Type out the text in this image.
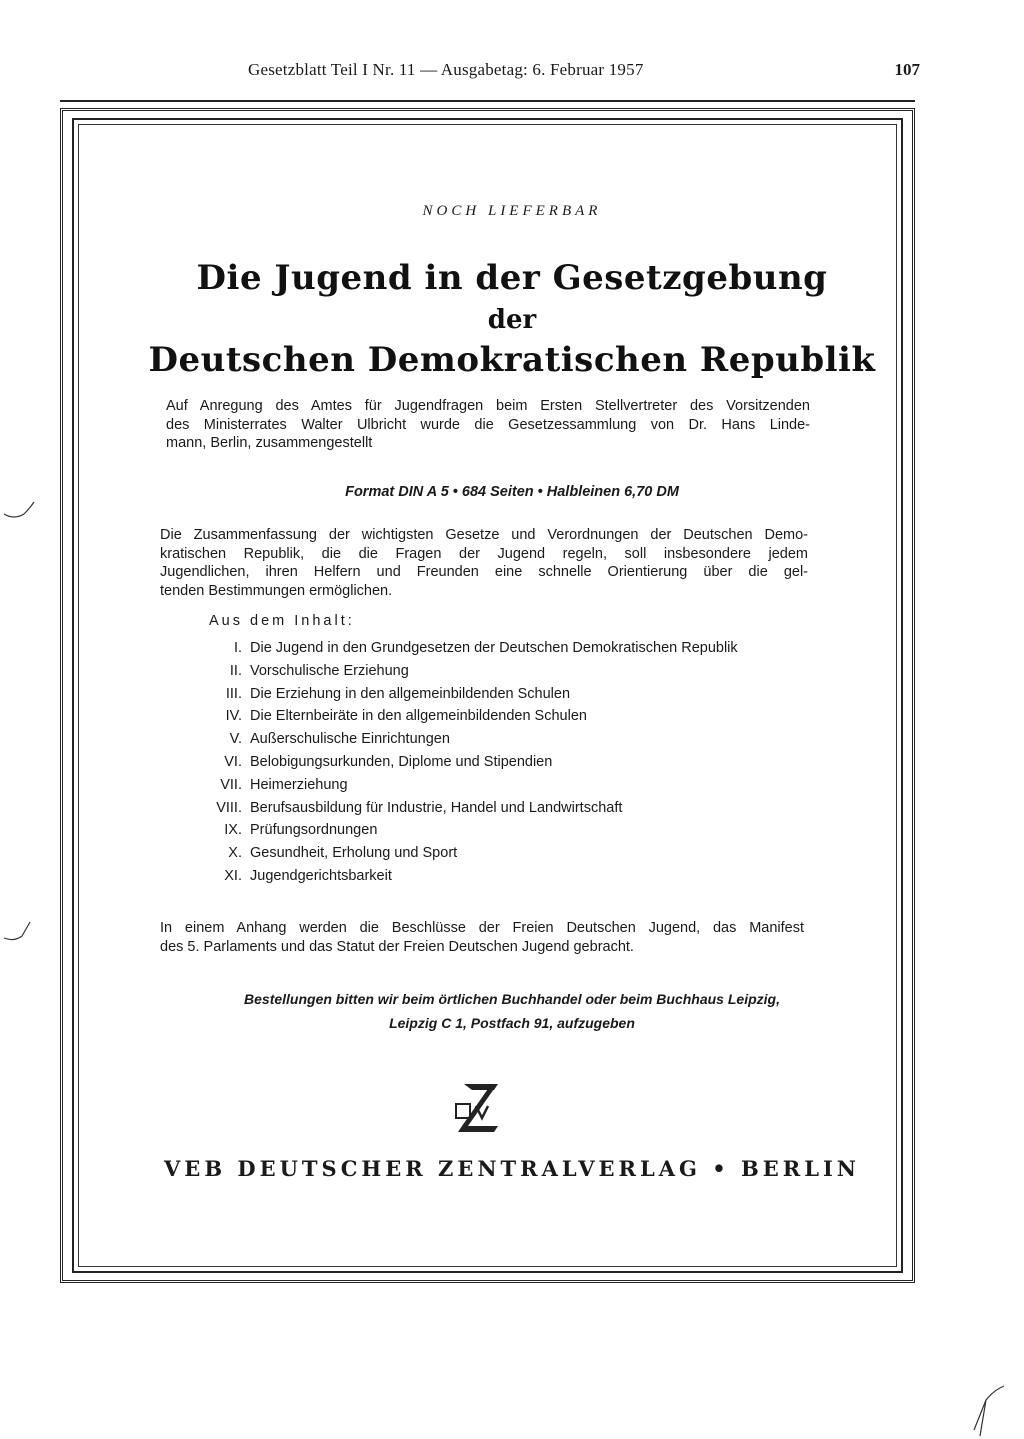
Gesetzblatt Teil I Nr. 11 — Ausgabetag: 6. Februar 1957	107
NOCH LIEFERBAR
Die Jugend in der Gesetzgebung
der
Deutschen Demokratischen Republik
Auf Anregung des Amtes für Jugendfragen beim Ersten Stellvertreter des Vorsitzenden
des Ministerrates Walter Ulbricht wurde die Gesetzessammlung von Dr. Hans Linde-
mann, Berlin, zusammengestellt
Format DIN A 5 • 684 Seiten • Halbleinen 6,70 DM
Die Zusammenfassung der wichtigsten Gesetze und Verordnungen der Deutschen Demo-
kratischen Republik, die die Fragen der Jugend regeln, soll insbesondere jedem
Jugendlichen, ihren Helfern und Freunden eine schnelle Orientierung über die gel-
tenden Bestimmungen ermöglichen.
Aus dem Inhalt:
I. Die Jugend in den Grundgesetzen der Deutschen Demokratischen Republik
II. Vorschulische Erziehung
III. Die Erziehung in den allgemeinbildenden Schulen
IV. Die Elternbeiräte in den allgemeinbildenden Schulen
V. Außerschulische Einrichtungen
VI. Belobigungsurkunden, Diplome und Stipendien
VII. Heimerziehung
VIII. Berufsausbildung für Industrie, Handel und Landwirtschaft
IX. Prüfungsordnungen
X. Gesundheit, Erholung und Sport
XI. Jugendgerichtsbarkeit
In einem Anhang werden die Beschlüsse der Freien Deutschen Jugend, das Manifest
des 5. Parlaments und das Statut der Freien Deutschen Jugend gebracht.
Bestellungen bitten wir beim örtlichen Buchhandel oder beim Buchhaus Leipzig,
Leipzig C 1, Postfach 91, aufzugeben
VEB DEUTSCHER ZENTRALVERLAG • BERLIN
